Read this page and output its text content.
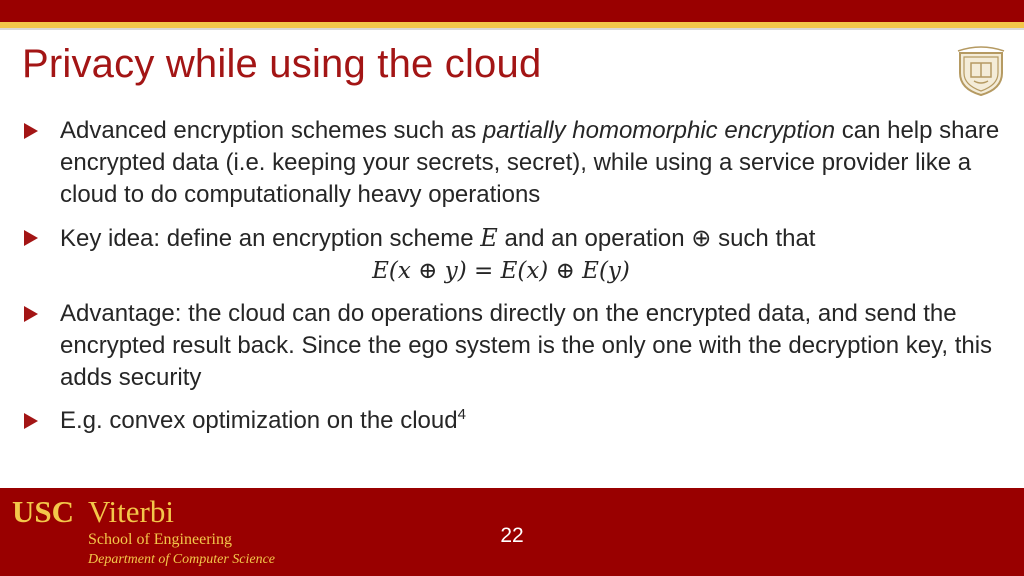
Privacy while using the cloud
Advanced encryption schemes such as partially homomorphic encryption can help share encrypted data (i.e. keeping your secrets, secret), while using a service provider like a cloud to do computationally heavy operations
Key idea: define an encryption scheme E and an operation ⊕ such that
E(x ⊕ y) = E(x) ⊕ E(y)
Advantage: the cloud can do operations directly on the encrypted data, and send the encrypted result back. Since the ego system is the only one with the decryption key, this adds security
E.g. convex optimization on the cloud$^4$
USC Viterbi
School of Engineering
Department of Computer Science
22
